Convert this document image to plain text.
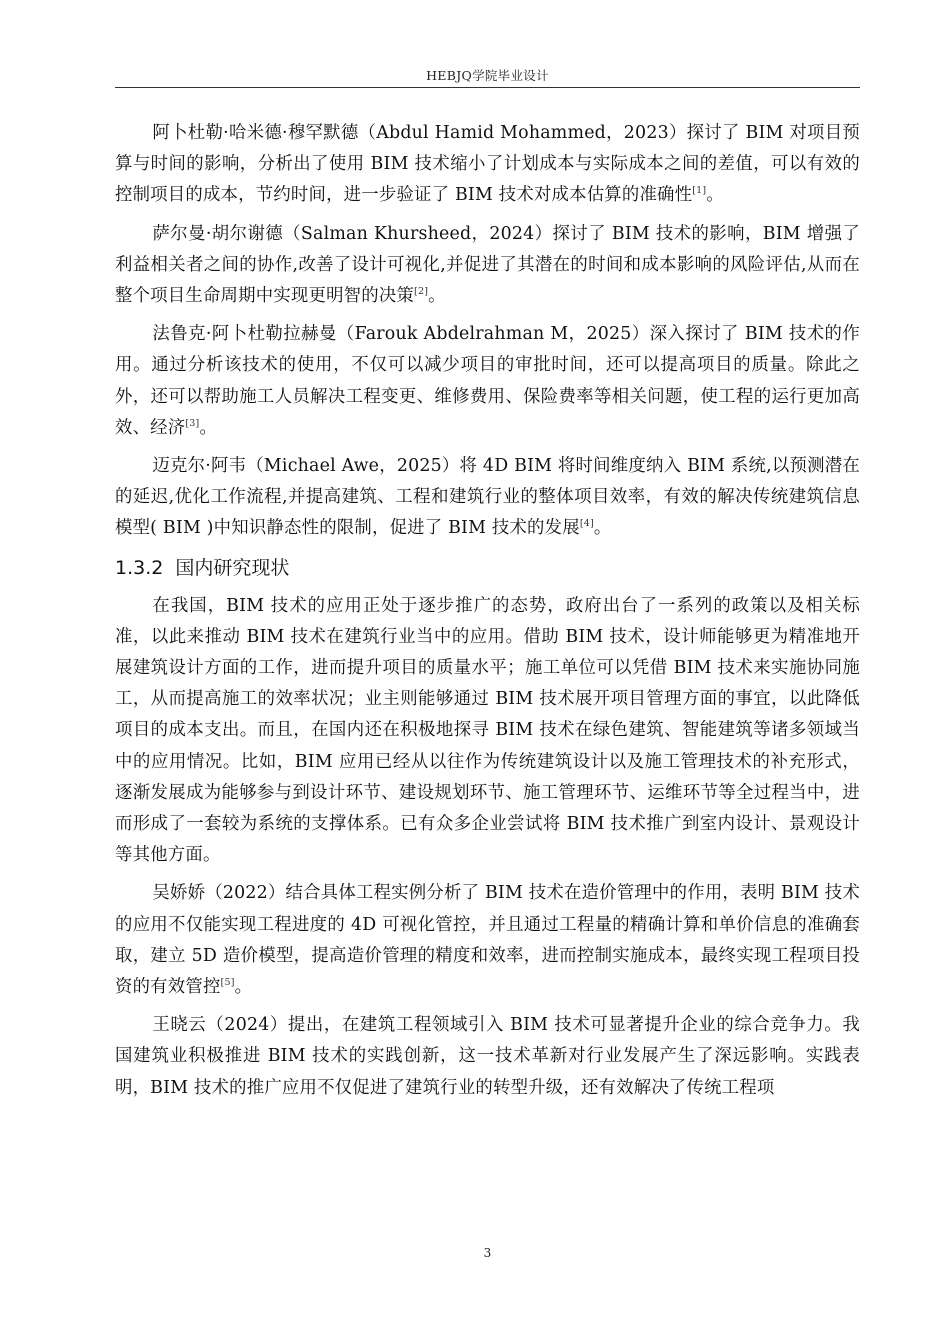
HEBJQ学院毕业设计

阿卜杜勒·哈米德·穆罕默德（Abdul Hamid Mohammed，2023）探讨了 BIM 对项目预算与时间的影响，分析出了使用 BIM 技术缩小了计划成本与实际成本之间的差值，可以有效的控制项目的成本，节约时间，进一步验证了 BIM 技术对成本估算的准确性[1]。

萨尔曼·胡尔谢德（Salman Khursheed，2024）探讨了 BIM 技术的影响，BIM 增强了利益相关者之间的协作,改善了设计可视化,并促进了其潜在的时间和成本影响的风险评估,从而在整个项目生命周期中实现更明智的决策[2]。

法鲁克·阿卜杜勒拉赫曼（Farouk Abdelrahman M，2025）深入探讨了 BIM 技术的作用。通过分析该技术的使用，不仅可以减少项目的审批时间，还可以提高项目的质量。除此之外，还可以帮助施工人员解决工程变更、维修费用、保险费率等相关问题，使工程的运行更加高效、经济[3]。

迈克尔·阿韦（Michael Awe，2025）将 4D BIM 将时间维度纳入 BIM 系统,以预测潜在的延迟,优化工作流程,并提高建筑、工程和建筑行业的整体项目效率，有效的解决传统建筑信息模型( BIM )中知识静态性的限制，促进了 BIM 技术的发展[4]。

1.3.2 国内研究现状

在我国，BIM 技术的应用正处于逐步推广的态势，政府出台了一系列的政策以及相关标准，以此来推动 BIM 技术在建筑行业当中的应用。借助 BIM 技术，设计师能够更为精准地开展建筑设计方面的工作，进而提升项目的质量水平；施工单位可以凭借 BIM 技术来实施协同施工，从而提高施工的效率状况；业主则能够通过 BIM 技术展开项目管理方面的事宜，以此降低项目的成本支出。而且，在国内还在积极地探寻 BIM 技术在绿色建筑、智能建筑等诸多领域当中的应用情况。比如，BIM 应用已经从以往作为传统建筑设计以及施工管理技术的补充形式，逐渐发展成为能够参与到设计环节、建设规划环节、施工管理环节、运维环节等全过程当中，进而形成了一套较为系统的支撑体系。已有众多企业尝试将 BIM 技术推广到室内设计、景观设计等其他方面。

吴娇娇（2022）结合具体工程实例分析了 BIM 技术在造价管理中的作用，表明 BIM 技术的应用不仅能实现工程进度的 4D 可视化管控，并且通过工程量的精确计算和单价信息的准确套取，建立 5D 造价模型，提高造价管理的精度和效率，进而控制实施成本，最终实现工程项目投资的有效管控[5]。

王晓云（2024）提出，在建筑工程领域引入 BIM 技术可显著提升企业的综合竞争力。我国建筑业积极推进 BIM 技术的实践创新，这一技术革新对行业发展产生了深远影响。实践表明，BIM 技术的推广应用不仅促进了建筑行业的转型升级，还有效解决了传统工程项

3
